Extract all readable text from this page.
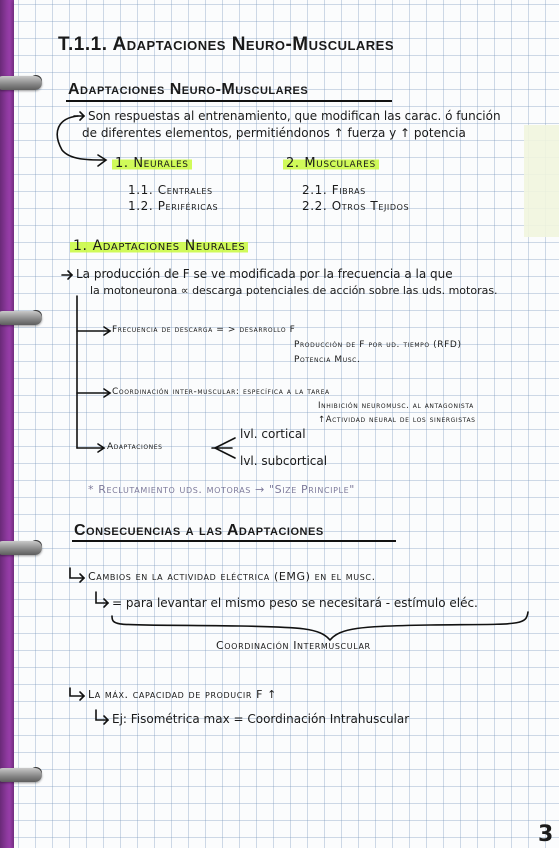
T.1.1. Adaptaciones Neuro-Musculares
Adaptaciones Neuro-Musculares
Son respuestas al entrenamiento, que modifican las carac. ó función
de diferentes elementos, permitiéndonos ↑ fuerza y ↑ potencia
1. Neurales	2. Musculares
1.1. Centrales
1.2. Periféricas
2.1. Fibras
2.2. Otros Tejidos
1. Adaptaciones Neurales
La producción de F se ve modificada por la frecuencia a la que
la motoneurona ∝ descarga potenciales de acción sobre las uds. motoras.
Frecuencia de descarga = > desarrollo F
Producción de F por ud. tiempo (RFD)
Potencia Musc.
Coordinación inter-muscular: específica a la tarea
Inhibición neuromusc. al antagonista
↑Actividad neural de los sinergistas
Adaptaciones
lvl. cortical
lvl. subcortical
* Reclutamiento uds. motoras → "Size Principle"
Consecuencias a las Adaptaciones
Cambios en la actividad eléctrica (EMG) en el musc.
= para levantar el mismo peso se necesitará - estímulo eléc.
Coordinación Intermuscular
La máx. capacidad de producir F ↑
Ej: Fisométrica max = Coordinación Intrahuscular
3
